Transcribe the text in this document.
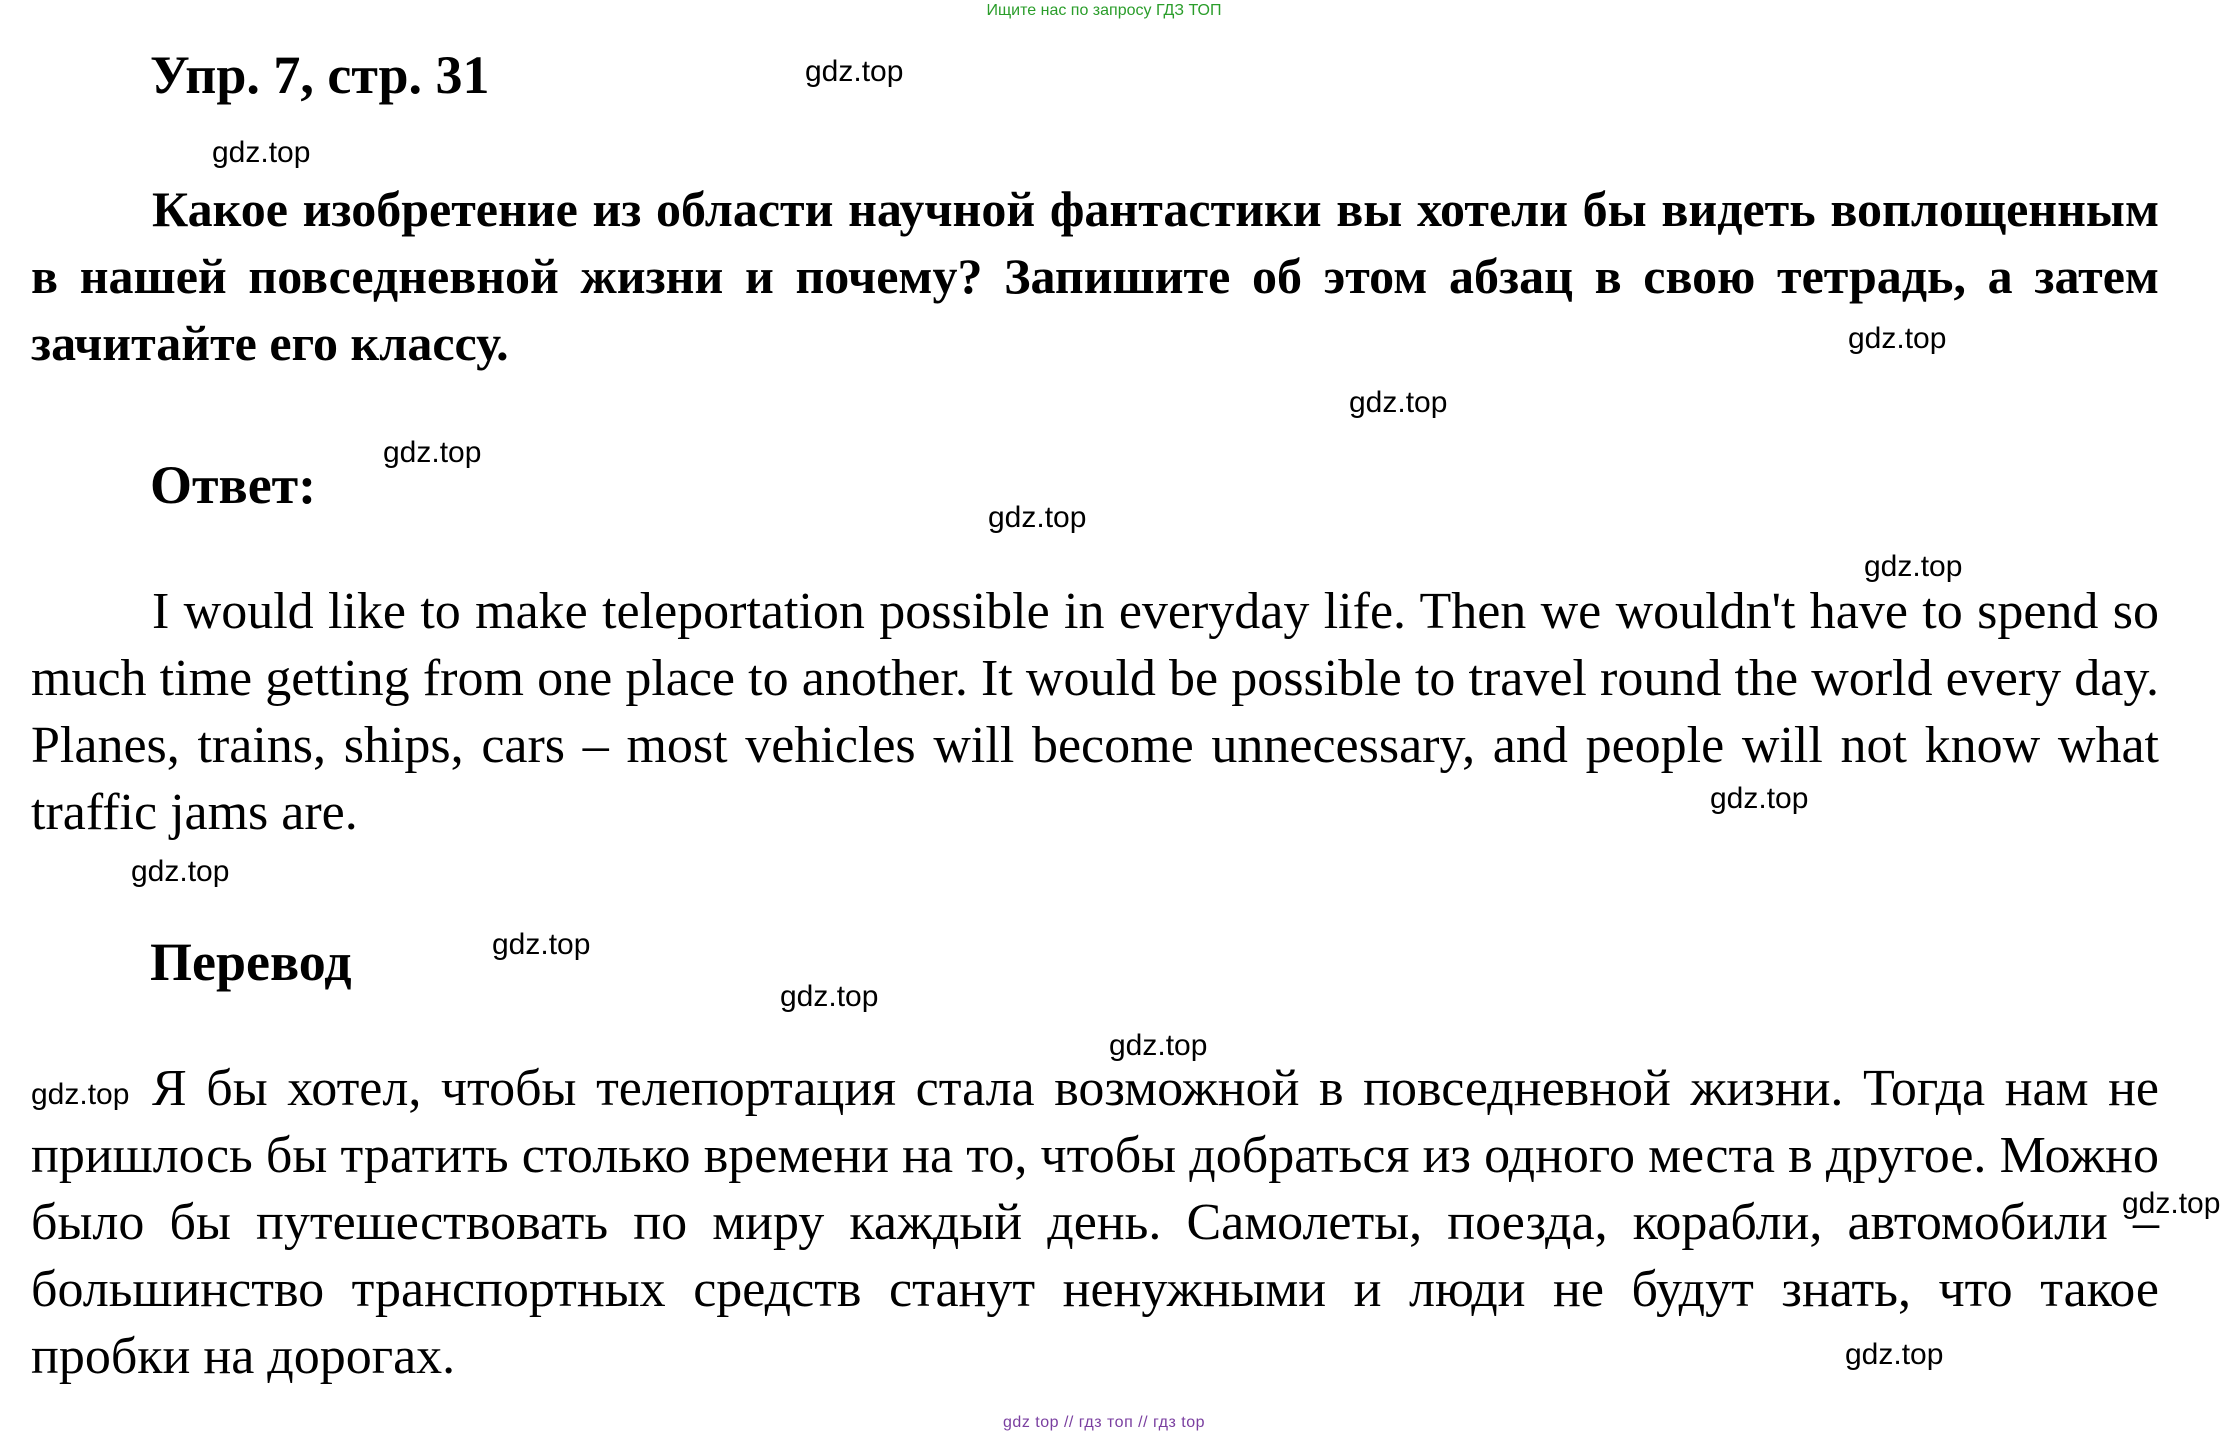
Ищите нас по запросу ГДЗ ТОП
Упр. 7, стр. 31
Какое изобретение из области научной фантастики вы хотели бы видеть воплощенным в нашей повседневной жизни и почему? Запишите об этом абзац в свою тетрадь, а затем зачитайте его классу.
Ответ:
I would like to make teleportation possible in everyday life. Then we wouldn't have to spend so much time getting from one place to another. It would be possible to travel round the world every day. Planes, trains, ships, cars – most vehicles will become unnecessary, and people will not know what traffic jams are.
Перевод
Я бы хотел, чтобы телепортация стала возможной в повседневной жизни. Тогда нам не пришлось бы тратить столько времени на то, чтобы добраться из одного места в другое. Можно было бы путешествовать по миру каждый день. Самолеты, поезда, корабли, автомобили – большинство транспортных средств станут ненужными и люди не будут знать, что такое пробки на дорогах.
gdz.top
gdz.top
gdz.top
gdz.top
gdz.top
gdz.top
gdz.top
gdz.top
gdz.top
gdz.top
gdz.top
gdz.top
gdz.top
gdz.top
gdz.top
gdz top // гдз топ // гдз top
